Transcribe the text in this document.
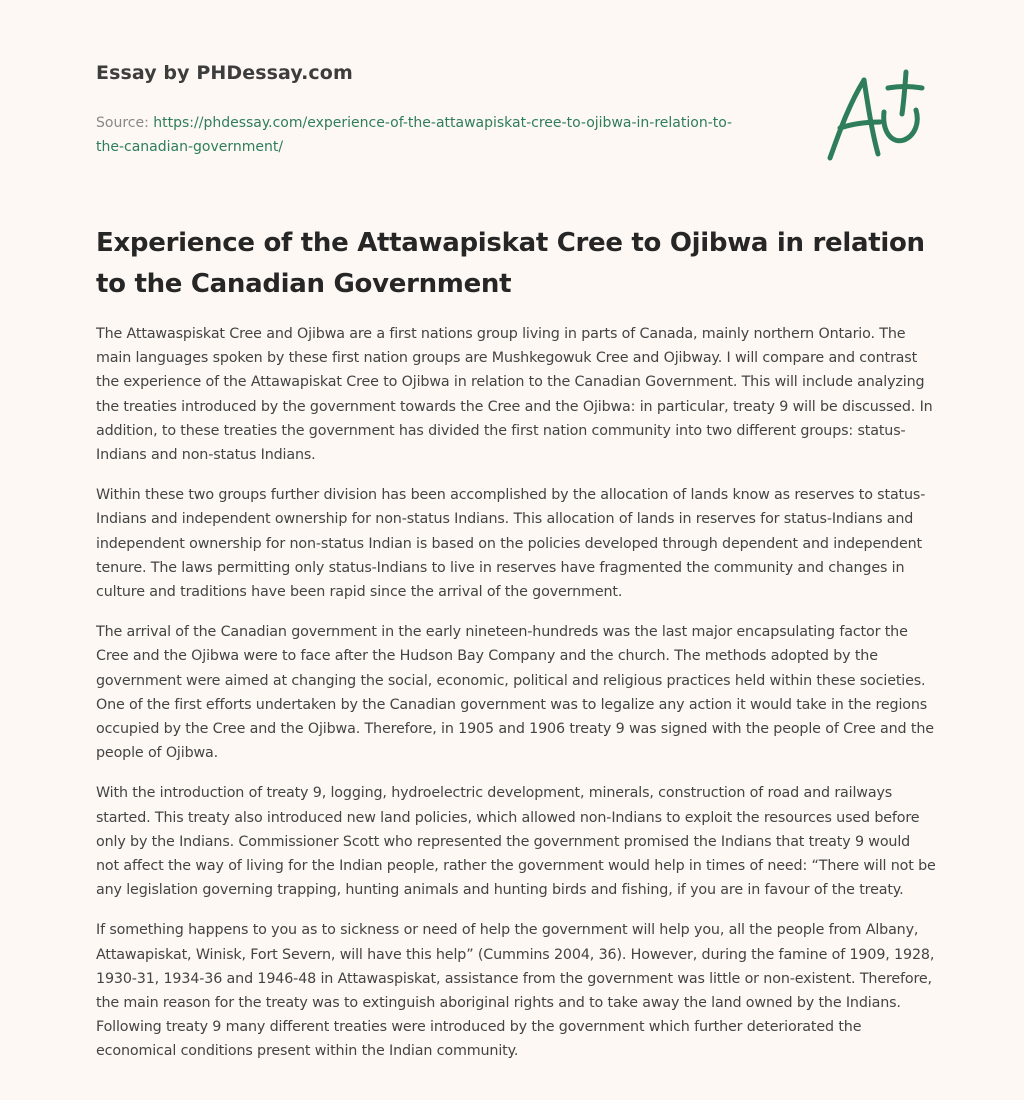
Essay by PHDessay.com
Source: https://phdessay.com/experience-of-the-attawapiskat-cree-to-ojibwa-in-relation-to-the-canadian-government/
Experience of the Attawapiskat Cree to Ojibwa in relation to the Canadian Government

The Attawaspiskat Cree and Ojibwa are a first nations group living in parts of Canada, mainly northern Ontario. The main languages spoken by these first nation groups are Mushkegowuk Cree and Ojibway. I will compare and contrast the experience of the Attawapiskat Cree to Ojibwa in relation to the Canadian Government. This will include analyzing the treaties introduced by the government towards the Cree and the Ojibwa: in particular, treaty 9 will be discussed. In addition, to these treaties the government has divided the first nation community into two different groups: status-Indians and non-status Indians.

Within these two groups further division has been accomplished by the allocation of lands know as reserves to status-Indians and independent ownership for non-status Indians. This allocation of lands in reserves for status-Indians and independent ownership for non-status Indian is based on the policies developed through dependent and independent tenure. The laws permitting only status-Indians to live in reserves have fragmented the community and changes in culture and traditions have been rapid since the arrival of the government.

The arrival of the Canadian government in the early nineteen-hundreds was the last major encapsulating factor the Cree and the Ojibwa were to face after the Hudson Bay Company and the church. The methods adopted by the government were aimed at changing the social, economic, political and religious practices held within these societies. One of the first efforts undertaken by the Canadian government was to legalize any action it would take in the regions occupied by the Cree and the Ojibwa. Therefore, in 1905 and 1906 treaty 9 was signed with the people of Cree and the people of Ojibwa.

With the introduction of treaty 9, logging, hydroelectric development, minerals, construction of road and railways started. This treaty also introduced new land policies, which allowed non-Indians to exploit the resources used before only by the Indians. Commissioner Scott who represented the government promised the Indians that treaty 9 would not affect the way of living for the Indian people, rather the government would help in times of need: “There will not be any legislation governing trapping, hunting animals and hunting birds and fishing, if you are in favour of the treaty.

If something happens to you as to sickness or need of help the government will help you, all the people from Albany, Attawapiskat, Winisk, Fort Severn, will have this help” (Cummins 2004, 36). However, during the famine of 1909, 1928, 1930-31, 1934-36 and 1946-48 in Attawaspiskat, assistance from the government was little or non-existent. Therefore, the main reason for the treaty was to extinguish aboriginal rights and to take away the land owned by the Indians. Following treaty 9 many different treaties were introduced by the government which further deteriorated the economical conditions present within the Indian community.
